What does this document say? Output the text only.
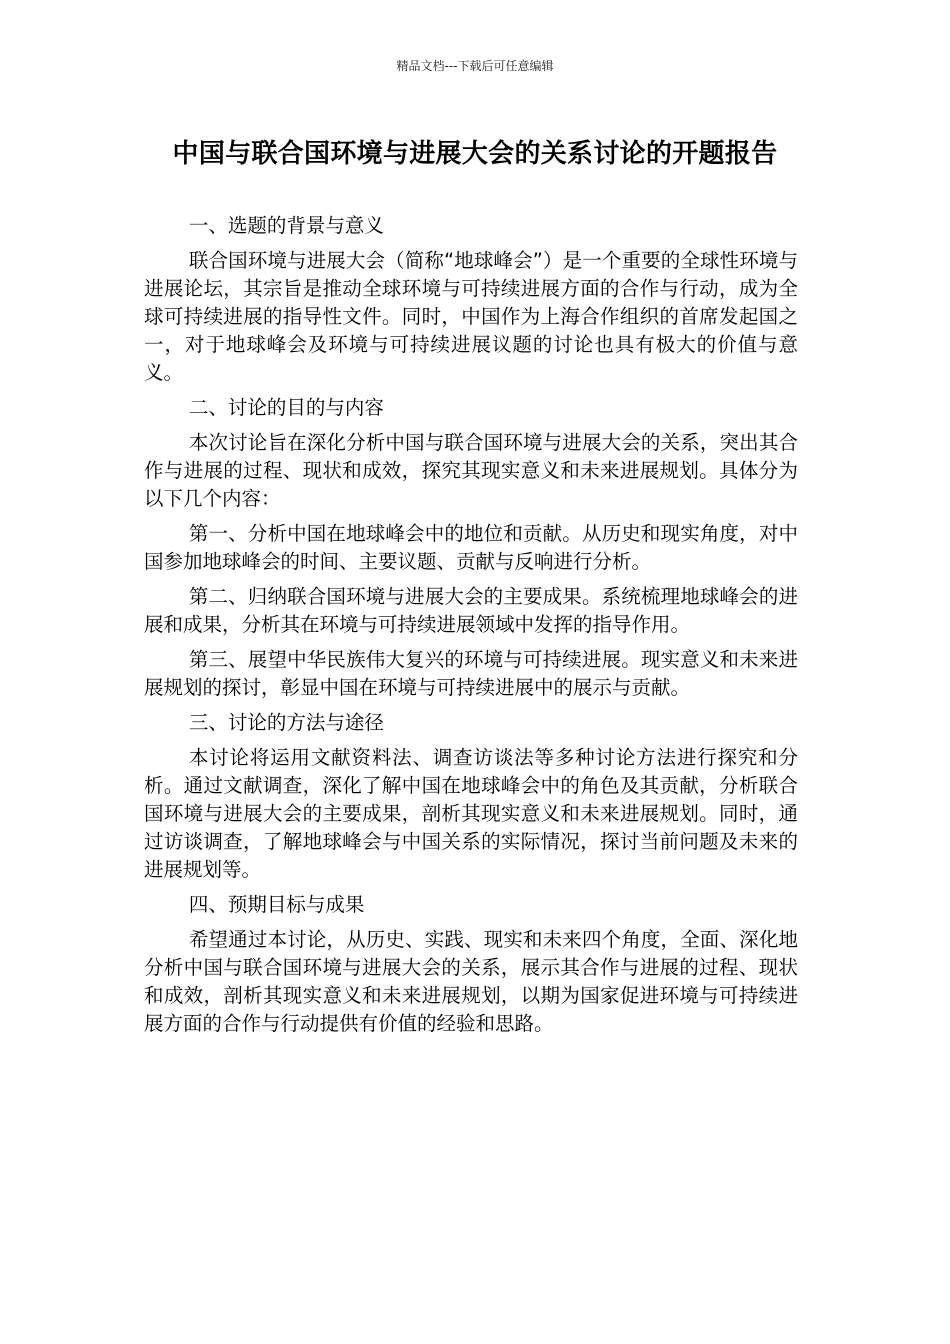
精品文档---下载后可任意编辑
中国与联合国环境与进展大会的关系讨论的开题报告

一、选题的背景与意义

联合国环境与进展大会（简称“地球峰会”）是一个重要的全球性环境与进展论坛，其宗旨是推动全球环境与可持续进展方面的合作与行动，成为全球可持续进展的指导性文件。同时，中国作为上海合作组织的首席发起国之一，对于地球峰会及环境与可持续进展议题的讨论也具有极大的价值与意义。

二、讨论的目的与内容

本次讨论旨在深化分析中国与联合国环境与进展大会的关系，突出其合作与进展的过程、现状和成效，探究其现实意义和未来进展规划。具体分为以下几个内容：

第一、分析中国在地球峰会中的地位和贡献。从历史和现实角度，对中国参加地球峰会的时间、主要议题、贡献与反响进行分析。

第二、归纳联合国环境与进展大会的主要成果。系统梳理地球峰会的进展和成果，分析其在环境与可持续进展领域中发挥的指导作用。

第三、展望中华民族伟大复兴的环境与可持续进展。现实意义和未来进展规划的探讨，彰显中国在环境与可持续进展中的展示与贡献。

三、讨论的方法与途径

本讨论将运用文献资料法、调查访谈法等多种讨论方法进行探究和分析。通过文献调查，深化了解中国在地球峰会中的角色及其贡献，分析联合国环境与进展大会的主要成果，剖析其现实意义和未来进展规划。同时，通过访谈调查，了解地球峰会与中国关系的实际情况，探讨当前问题及未来的进展规划等。

四、预期目标与成果

希望通过本讨论，从历史、实践、现实和未来四个角度，全面、深化地分析中国与联合国环境与进展大会的关系，展示其合作与进展的过程、现状和成效，剖析其现实意义和未来进展规划，以期为国家促进环境与可持续进展方面的合作与行动提供有价值的经验和思路。
